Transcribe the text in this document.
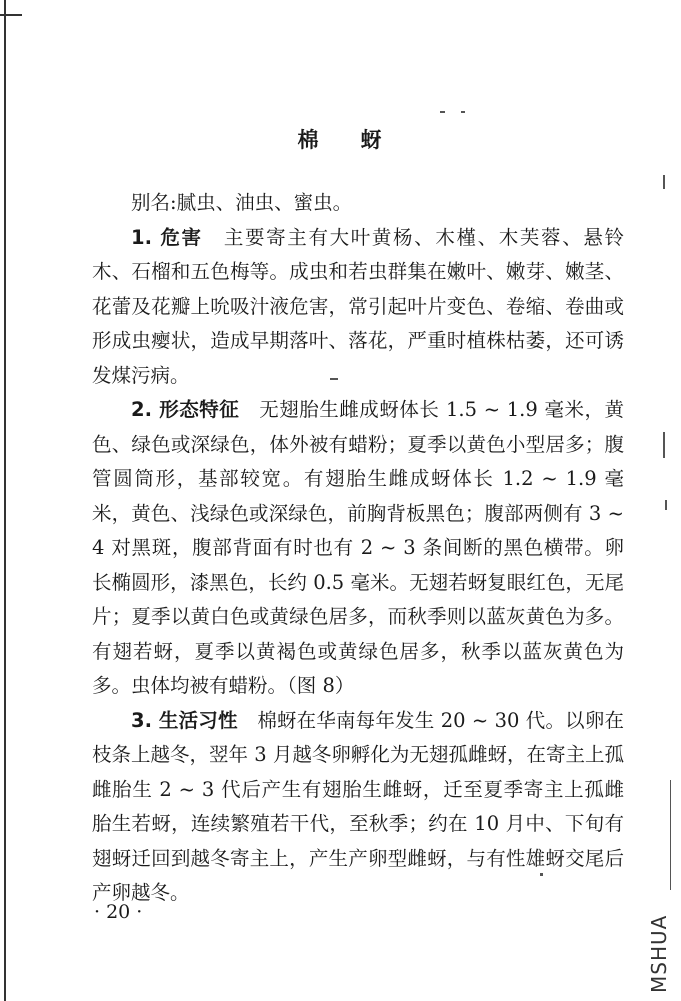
棉 蚜

别名:腻虫、油虫、蜜虫。

1. 危害　 主要寄主有大叶黄杨、木槿、木芙蓉、悬铃木、石榴和五色梅等。成虫和若虫群集在嫩叶、嫩芽、嫩茎、花蕾及花瓣上吮吸汁液危害，常引起叶片变色、卷缩、卷曲或形成虫瘿状，造成早期落叶、落花，严重时植株枯萎，还可诱发煤污病。

2. 形态特征　 无翅胎生雌成蚜体长 1.5 ~ 1.9 毫米，黄色、绿色或深绿色，体外被有蜡粉；夏季以黄色小型居多；腹管圆筒形，基部较宽。有翅胎生雌成蚜体长 1.2 ~ 1.9 毫米，黄色、浅绿色或深绿色，前胸背板黑色；腹部两侧有 3 ~ 4 对黑斑，腹部背面有时也有 2 ~ 3 条间断的黑色横带。卵长椭圆形，漆黑色，长约 0.5 毫米。无翅若蚜复眼红色，无尾片；夏季以黄白色或黄绿色居多，而秋季则以蓝灰黄色为多。有翅若蚜，夏季以黄褐色或黄绿色居多，秋季以蓝灰黄色为多。虫体均被有蜡粉。（图 8）

3. 生活习性　 棉蚜在华南每年发生 20 ~ 30 代。以卵在枝条上越冬，翌年 3 月越冬卵孵化为无翅孤雌蚜，在寄主上孤雌胎生 2 ~ 3 代后产生有翅胎生雌蚜，迁至夏季寄主上孤雌胎生若蚜，连续繁殖若干代，至秋季；约在 10 月中、下旬有翅蚜迁回到越冬寄主上，产生产卵型雌蚜，与有性雄蚜交尾后产卵越冬。

· 20 ·
MSHUA
